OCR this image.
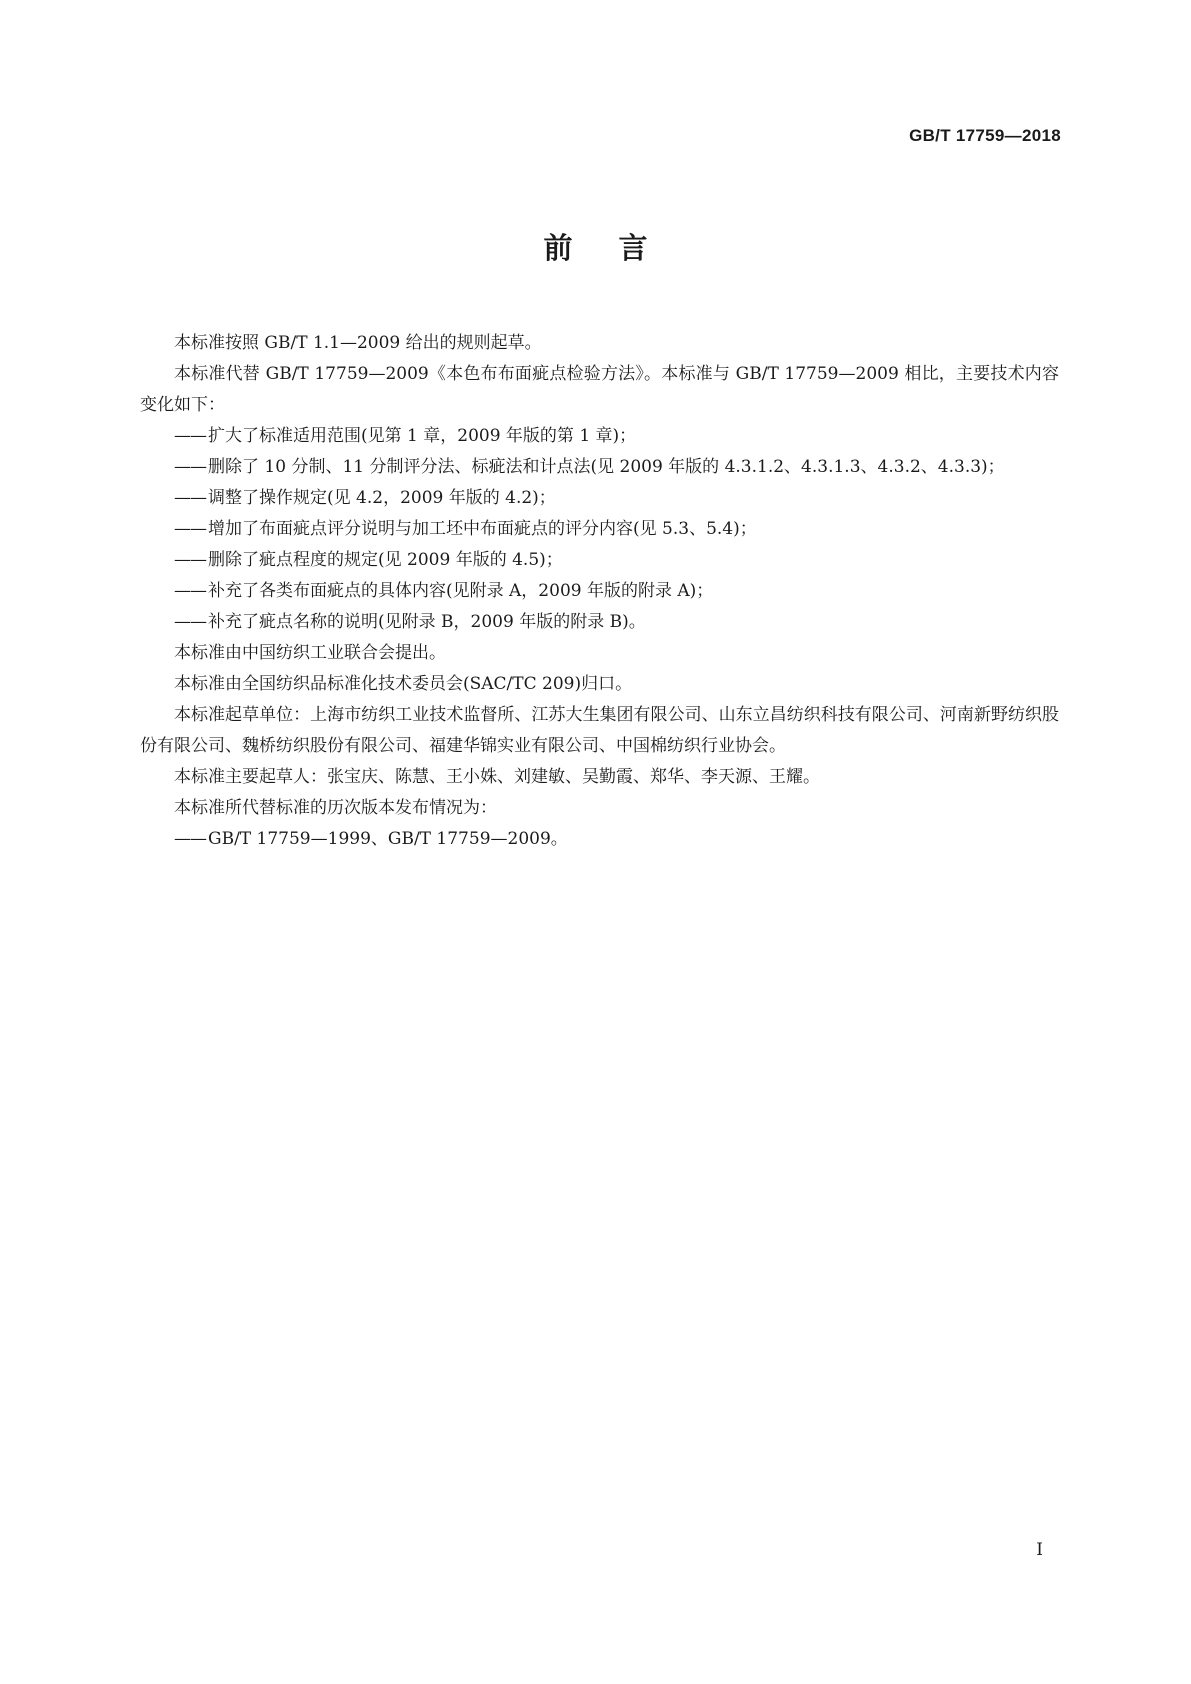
GB/T 17759—2018
前言

本标准按照 GB/T 1.1—2009 给出的规则起草。

本标准代替 GB/T 17759—2009《本色布布面疵点检验方法》。本标准与 GB/T 17759—2009 相比，主要技术内容变化如下：

—— 扩大了标准适用范围(见第 1 章，2009 年版的第 1 章)；

—— 删除了 10 分制、11 分制评分法、标疵法和计点法(见 2009 年版的 4.3.1.2、4.3.1.3、4.3.2、4.3.3)；

—— 调整了操作规定(见 4.2，2009 年版的 4.2)；

—— 增加了布面疵点评分说明与加工坯中布面疵点的评分内容(见 5.3、5.4)；

—— 删除了疵点程度的规定(见 2009 年版的 4.5)；

—— 补充了各类布面疵点的具体内容(见附录 A，2009 年版的附录 A)；

—— 补充了疵点名称的说明(见附录 B，2009 年版的附录 B)。

本标准由中国纺织工业联合会提出。

本标准由全国纺织品标准化技术委员会(SAC/TC 209)归口。

本标准起草单位：上海市纺织工业技术监督所、江苏大生集团有限公司、山东立昌纺织科技有限公司、河南新野纺织股份有限公司、魏桥纺织股份有限公司、福建华锦实业有限公司、中国棉纺织行业协会。

本标准主要起草人：张宝庆、陈慧、王小姝、刘建敏、吴勤霞、郑华、李天源、王耀。

本标准所代替标准的历次版本发布情况为：

—— GB/T 17759—1999、GB/T 17759—2009。

I
